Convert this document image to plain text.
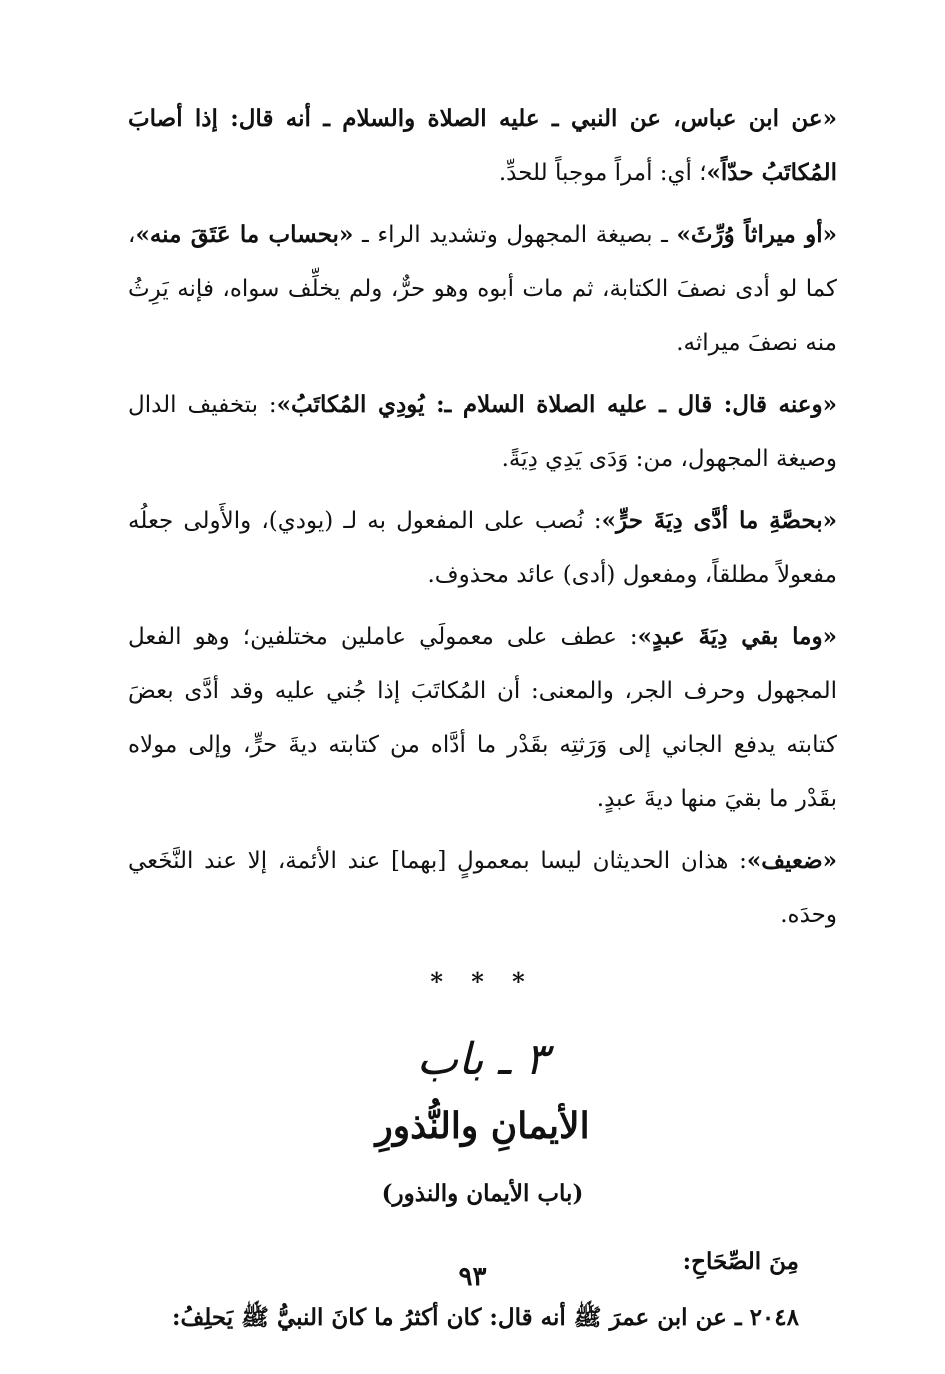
«عن ابن عباس، عن النبي ـ عليه الصلاة والسلام ـ أنه قال: إذا أصابَ المُكاتَبُ حدّاً»؛ أي: أمراً موجباً للحدِّ.

«أو ميراثاً وُرِّثَ» ـ بصيغة المجهول وتشديد الراء ـ «بحساب ما عَتَقَ منه»، كما لو أدى نصفَ الكتابة، ثم مات أبوه وهو حرٌّ، ولم يخلِّف سواه، فإنه يَرِثُ منه نصفَ ميراثه.

«وعنه قال: قال ـ عليه الصلاة السلام ـ: يُودِي المُكاتَبُ»: بتخفيف الدال وصيغة المجهول، من: وَدَى يَدِي دِيَةً.

«بحصَّةِ ما أدَّى دِيَةَ حرٍّ»: نُصب على المفعول به لـ (يودي)، والأَولى جعلُه مفعولاً مطلقاً، ومفعول (أدى) عائد محذوف.

«وما بقي دِيَةَ عبدٍ»: عطف على معمولَي عاملين مختلفين؛ وهو الفعل المجهول وحرف الجر، والمعنى: أن المُكاتَبَ إذا جُني عليه وقد أدَّى بعضَ كتابته يدفع الجاني إلى وَرَثتِه بقَدْر ما أدَّاه من كتابته ديةَ حرٍّ، وإلى مولاه بقَدْر ما بقيَ منها ديةَ عبدٍ.

«ضعيف»: هذان الحديثان ليسا بمعمولٍ [بهما] عند الأئمة، إلا عند النَّخَعي وحدَه.

* * *
٣ ـ باب
الأيمانِ والنُّذورِ
(باب الأيمان والنذور)
مِنَ الصِّحَاحِ:
٢٠٤٨ ـ عن ابن عمرَ ﷺ أنه قال: كان أكثرُ ما كانَ النبيُّ ﷺ يَحلِفُ:
٩٣
